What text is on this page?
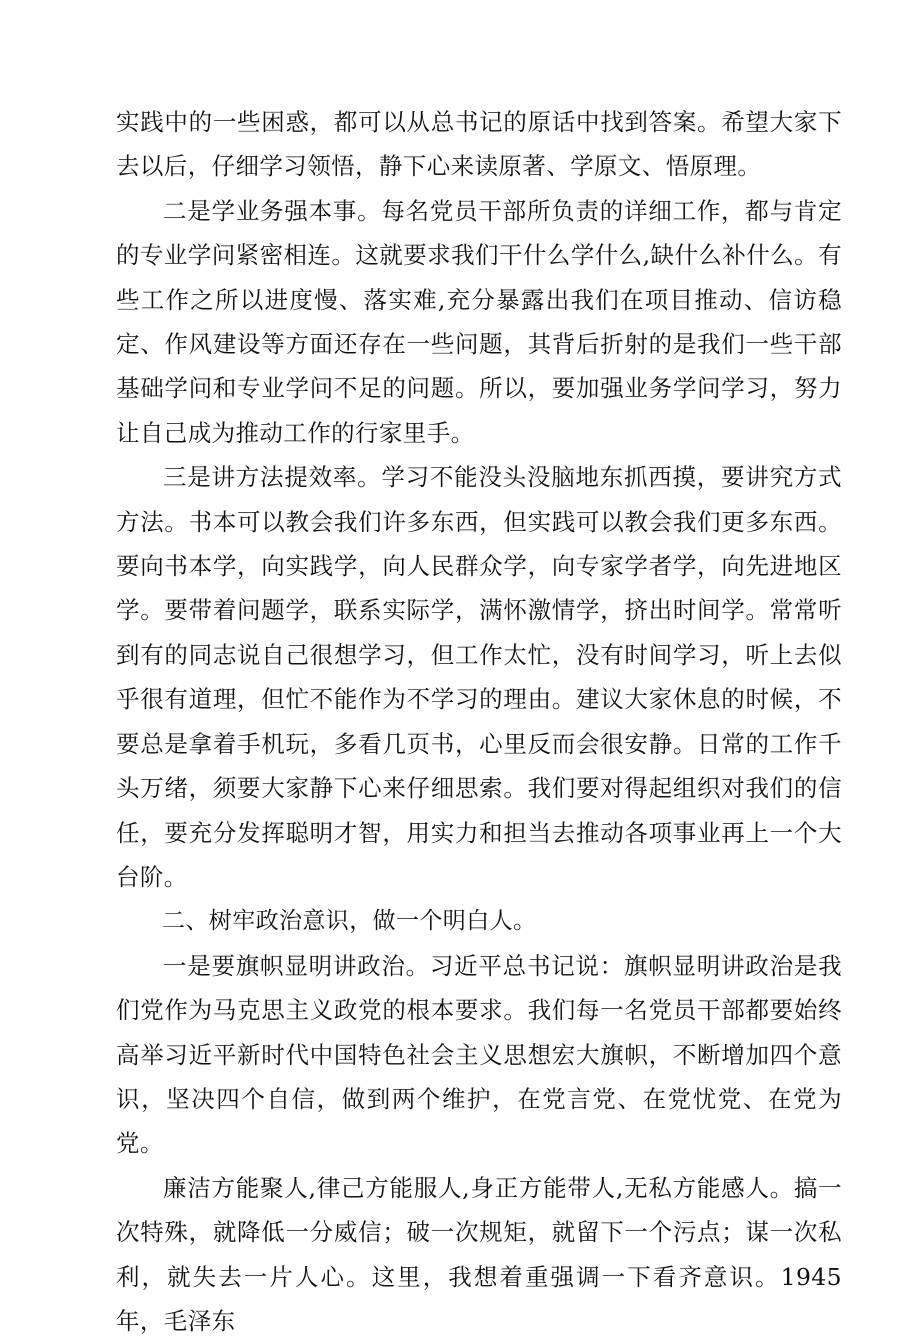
实践中的一些困惑，都可以从总书记的原话中找到答案。希望大家下去以后，仔细学习领悟，静下心来读原著、学原文、悟原理。

二是学业务强本事。每名党员干部所负责的详细工作，都与肯定的专业学问紧密相连。这就要求我们干什么学什么,缺什么补什么。有些工作之所以进度慢、落实难,充分暴露出我们在项目推动、信访稳定、作风建设等方面还存在一些问题，其背后折射的是我们一些干部基础学问和专业学问不足的问题。所以，要加强业务学问学习，努力让自己成为推动工作的行家里手。

三是讲方法提效率。学习不能没头没脑地东抓西摸，要讲究方式方法。书本可以教会我们许多东西，但实践可以教会我们更多东西。要向书本学，向实践学，向人民群众学，向专家学者学，向先进地区学。要带着问题学，联系实际学，满怀激情学，挤出时间学。常常听到有的同志说自己很想学习，但工作太忙，没有时间学习，听上去似乎很有道理，但忙不能作为不学习的理由。建议大家休息的时候，不要总是拿着手机玩，多看几页书，心里反而会很安静。日常的工作千头万绪，须要大家静下心来仔细思索。我们要对得起组织对我们的信任，要充分发挥聪明才智，用实力和担当去推动各项事业再上一个大台阶。

二、树牢政治意识，做一个明白人。

一是要旗帜显明讲政治。习近平总书记说：旗帜显明讲政治是我们党作为马克思主义政党的根本要求。我们每一名党员干部都要始终高举习近平新时代中国特色社会主义思想宏大旗帜，不断增加四个意识，坚决四个自信，做到两个维护，在党言党、在党忧党、在党为党。

廉洁方能聚人,律己方能服人,身正方能带人,无私方能感人。搞一次特殊，就降低一分威信；破一次规矩，就留下一个污点；谋一次私利，就失去一片人心。这里，我想着重强调一下看齐意识。1945年，毛泽东
